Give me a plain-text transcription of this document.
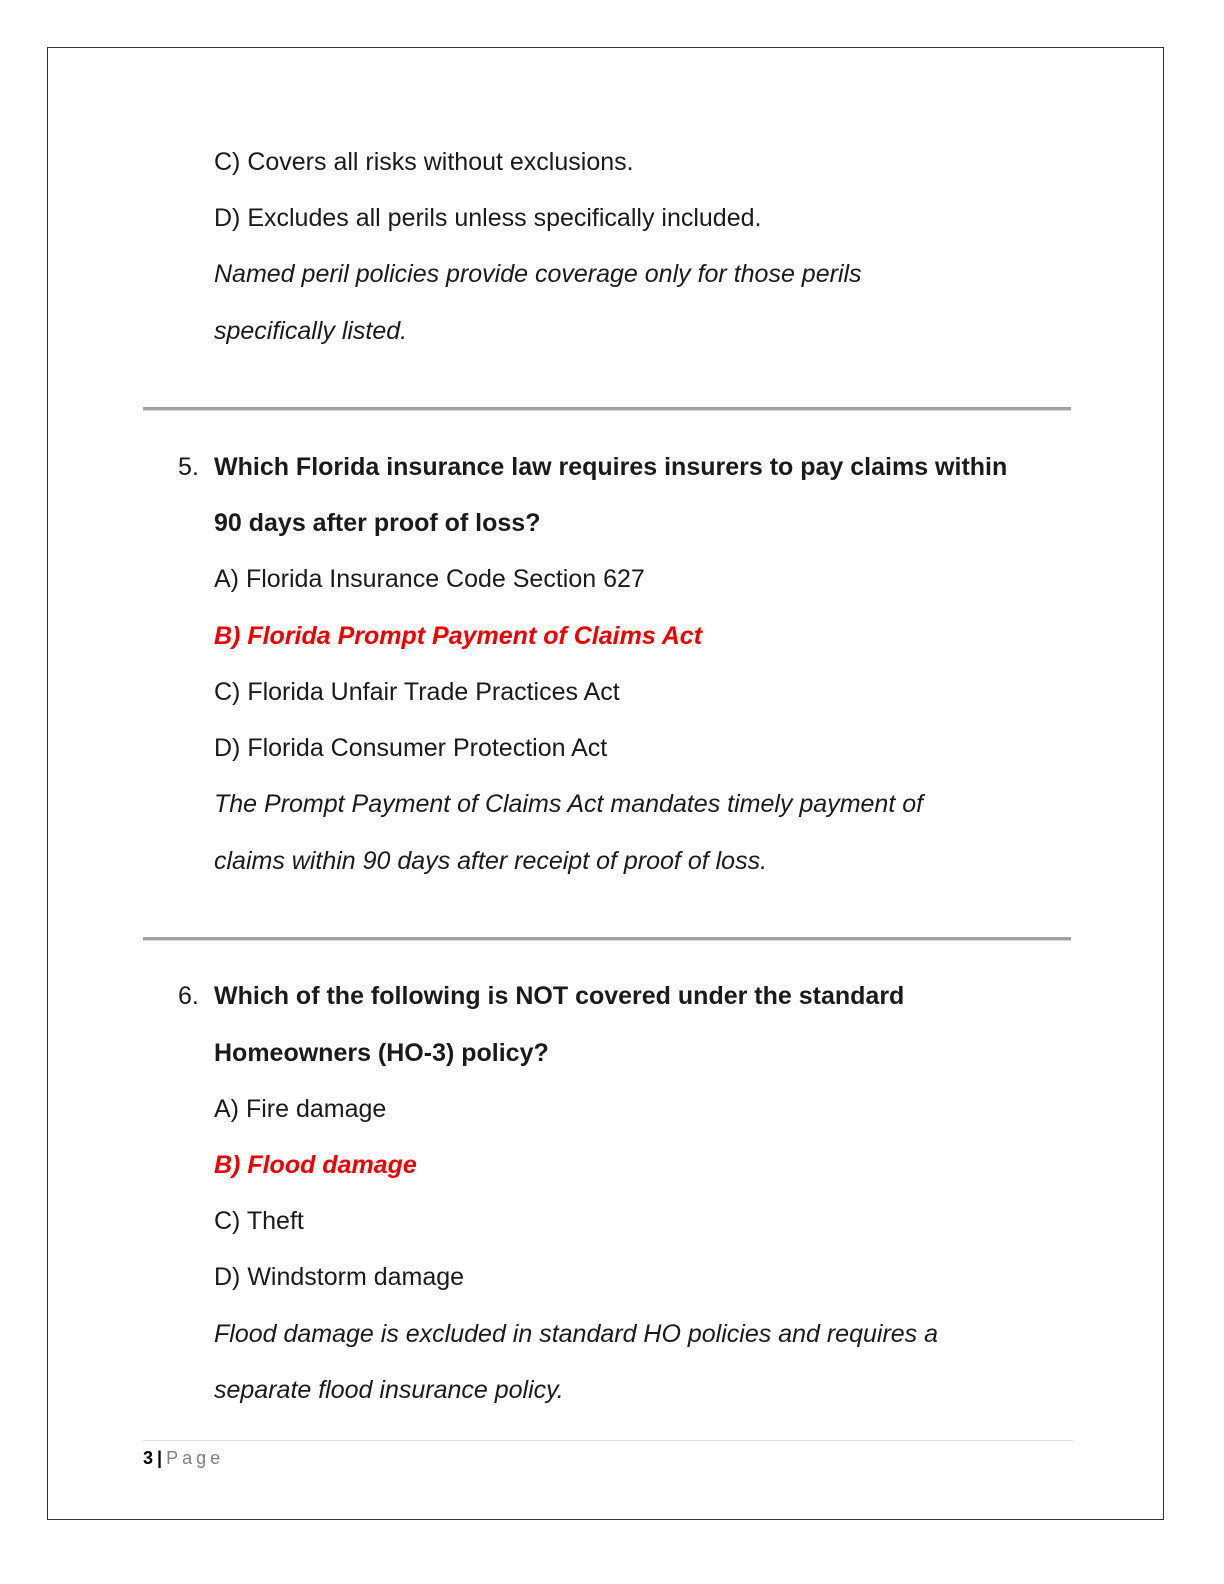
C) Covers all risks without exclusions.
D) Excludes all perils unless specifically included.
Named peril policies provide coverage only for those perils
specifically listed.
5. Which Florida insurance law requires insurers to pay claims within
90 days after proof of loss?
A) Florida Insurance Code Section 627
B) Florida Prompt Payment of Claims Act
C) Florida Unfair Trade Practices Act
D) Florida Consumer Protection Act
The Prompt Payment of Claims Act mandates timely payment of
claims within 90 days after receipt of proof of loss.
6. Which of the following is NOT covered under the standard
Homeowners (HO-3) policy?
A) Fire damage
B) Flood damage
C) Theft
D) Windstorm damage
Flood damage is excluded in standard HO policies and requires a
separate flood insurance policy.
3 | Page
